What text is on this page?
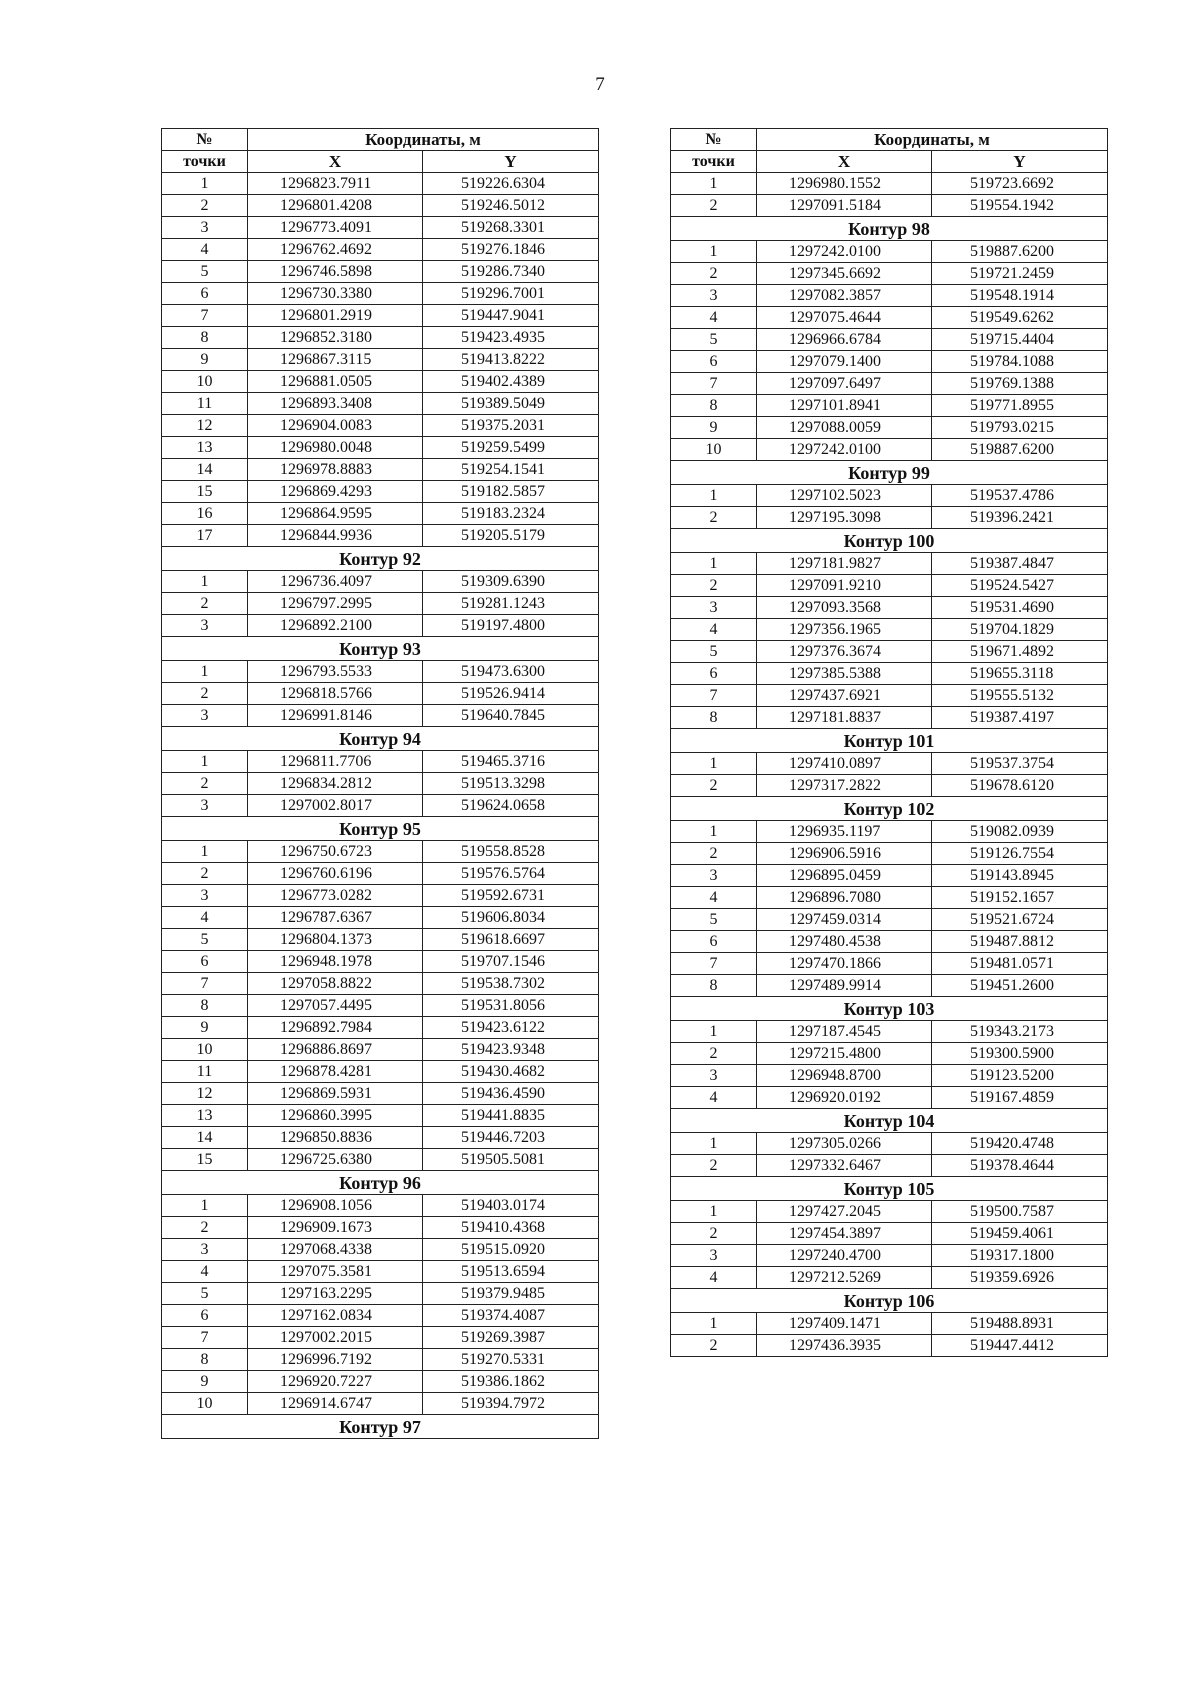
7
№	Координаты, м	
точки	X	Y
1	1296823.7911	519226.6304
2	1296801.4208	519246.5012
3	1296773.4091	519268.3301
4	1296762.4692	519276.1846
5	1296746.5898	519286.7340
6	1296730.3380	519296.7001
7	1296801.2919	519447.9041
8	1296852.3180	519423.4935
9	1296867.3115	519413.8222
10	1296881.0505	519402.4389
11	1296893.3408	519389.5049
12	1296904.0083	519375.2031
13	1296980.0048	519259.5499
14	1296978.8883	519254.1541
15	1296869.4293	519182.5857
16	1296864.9595	519183.2324
17	1296844.9936	519205.5179
Контур 92		
1	1296736.4097	519309.6390
2	1296797.2995	519281.1243
3	1296892.2100	519197.4800
Контур 93		
1	1296793.5533	519473.6300
2	1296818.5766	519526.9414
3	1296991.8146	519640.7845
Контур 94		
1	1296811.7706	519465.3716
2	1296834.2812	519513.3298
3	1297002.8017	519624.0658
Контур 95		
1	1296750.6723	519558.8528
2	1296760.6196	519576.5764
3	1296773.0282	519592.6731
4	1296787.6367	519606.8034
5	1296804.1373	519618.6697
6	1296948.1978	519707.1546
7	1297058.8822	519538.7302
8	1297057.4495	519531.8056
9	1296892.7984	519423.6122
10	1296886.8697	519423.9348
11	1296878.4281	519430.4682
12	1296869.5931	519436.4590
13	1296860.3995	519441.8835
14	1296850.8836	519446.7203
15	1296725.6380	519505.5081
Контур 96		
1	1296908.1056	519403.0174
2	1296909.1673	519410.4368
3	1297068.4338	519515.0920
4	1297075.3581	519513.6594
5	1297163.2295	519379.9485
6	1297162.0834	519374.4087
7	1297002.2015	519269.3987
8	1296996.7192	519270.5331
9	1296920.7227	519386.1862
10	1296914.6747	519394.7972
Контур 97		
№	Координаты, м	
точки	X	Y
1	1296980.1552	519723.6692
2	1297091.5184	519554.1942
Контур 98		
1	1297242.0100	519887.6200
2	1297345.6692	519721.2459
3	1297082.3857	519548.1914
4	1297075.4644	519549.6262
5	1296966.6784	519715.4404
6	1297079.1400	519784.1088
7	1297097.6497	519769.1388
8	1297101.8941	519771.8955
9	1297088.0059	519793.0215
10	1297242.0100	519887.6200
Контур 99		
1	1297102.5023	519537.4786
2	1297195.3098	519396.2421
Контур 100		
1	1297181.9827	519387.4847
2	1297091.9210	519524.5427
3	1297093.3568	519531.4690
4	1297356.1965	519704.1829
5	1297376.3674	519671.4892
6	1297385.5388	519655.3118
7	1297437.6921	519555.5132
8	1297181.8837	519387.4197
Контур 101		
1	1297410.0897	519537.3754
2	1297317.2822	519678.6120
Контур 102		
1	1296935.1197	519082.0939
2	1296906.5916	519126.7554
3	1296895.0459	519143.8945
4	1296896.7080	519152.1657
5	1297459.0314	519521.6724
6	1297480.4538	519487.8812
7	1297470.1866	519481.0571
8	1297489.9914	519451.2600
Контур 103		
1	1297187.4545	519343.2173
2	1297215.4800	519300.5900
3	1296948.8700	519123.5200
4	1296920.0192	519167.4859
Контур 104		
1	1297305.0266	519420.4748
2	1297332.6467	519378.4644
Контур 105		
1	1297427.2045	519500.7587
2	1297454.3897	519459.4061
3	1297240.4700	519317.1800
4	1297212.5269	519359.6926
Контур 106		
1	1297409.1471	519488.8931
2	1297436.3935	519447.4412
